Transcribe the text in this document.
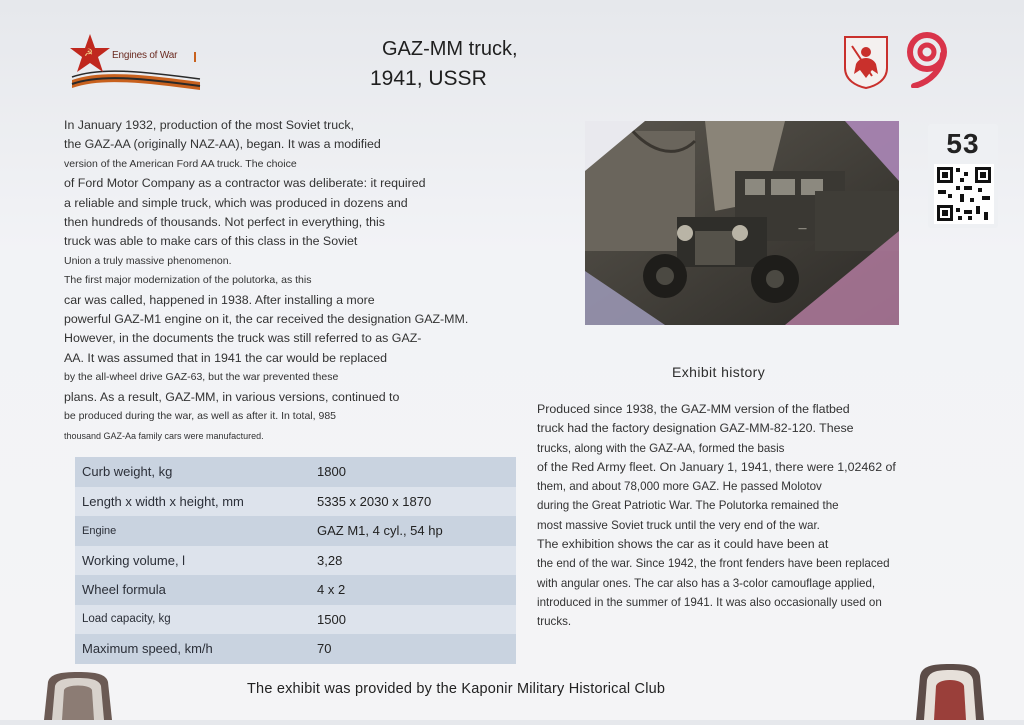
☭ Engines of War	GAZ-MM truck,
1941, USSR

In January 1932, production of the most Soviet truck,

the GAZ-AA (originally NAZ-AA), began. It was a modified

version of the American Ford AA truck. The choice

of Ford Motor Company as a contractor was deliberate: it required

a reliable and simple truck, which was produced in dozens and

then hundreds of thousands. Not perfect in everything, this

truck was able to make cars of this class in the Soviet

Union a truly massive phenomenon.

The first major modernization of the polutorka, as this

car was called, happened in 1938. After installing a more

powerful GAZ-M1 engine on it, the car received the designation GAZ-MM.

However, in the documents the truck was still referred to as GAZ-

AA. It was assumed that in 1941 the car would be replaced

by the all-wheel drive GAZ-63, but the war prevented these

plans. As a result, GAZ-MM, in various versions, continued to

be produced during the war, as well as after it. In total, 985

thousand GAZ-Aa family cars were manufactured.

—
53
Curb weight, kg	1800
Length x width x height, mm	5335 x 2030 x 1870
Engine	GAZ M1, 4 cyl., 54 hp
Working volume, l	3,28
Wheel formula	4 x 2
Load capacity, kg	1500
Maximum speed, km/h	70
Exhibit history

Produced since 1938, the GAZ-MM version of the flatbed

truck had the factory designation GAZ-MM-82-120. These

trucks, along with the GAZ-AA, formed the basis

of the Red Army fleet. On January 1, 1941, there were 1,02462 of

them, and about 78,000 more GAZ. He passed Molotov

during the Great Patriotic War. The Polutorka remained the

most massive Soviet truck until the very end of the war.

The exhibition shows the car as it could have been at

the end of the war. Since 1942, the front fenders have been replaced

with angular ones. The car also has a 3-color camouflage applied,

introduced in the summer of 1941. It was also occasionally used on

trucks.

The exhibit was provided by the Kaponir Military Historical Club
